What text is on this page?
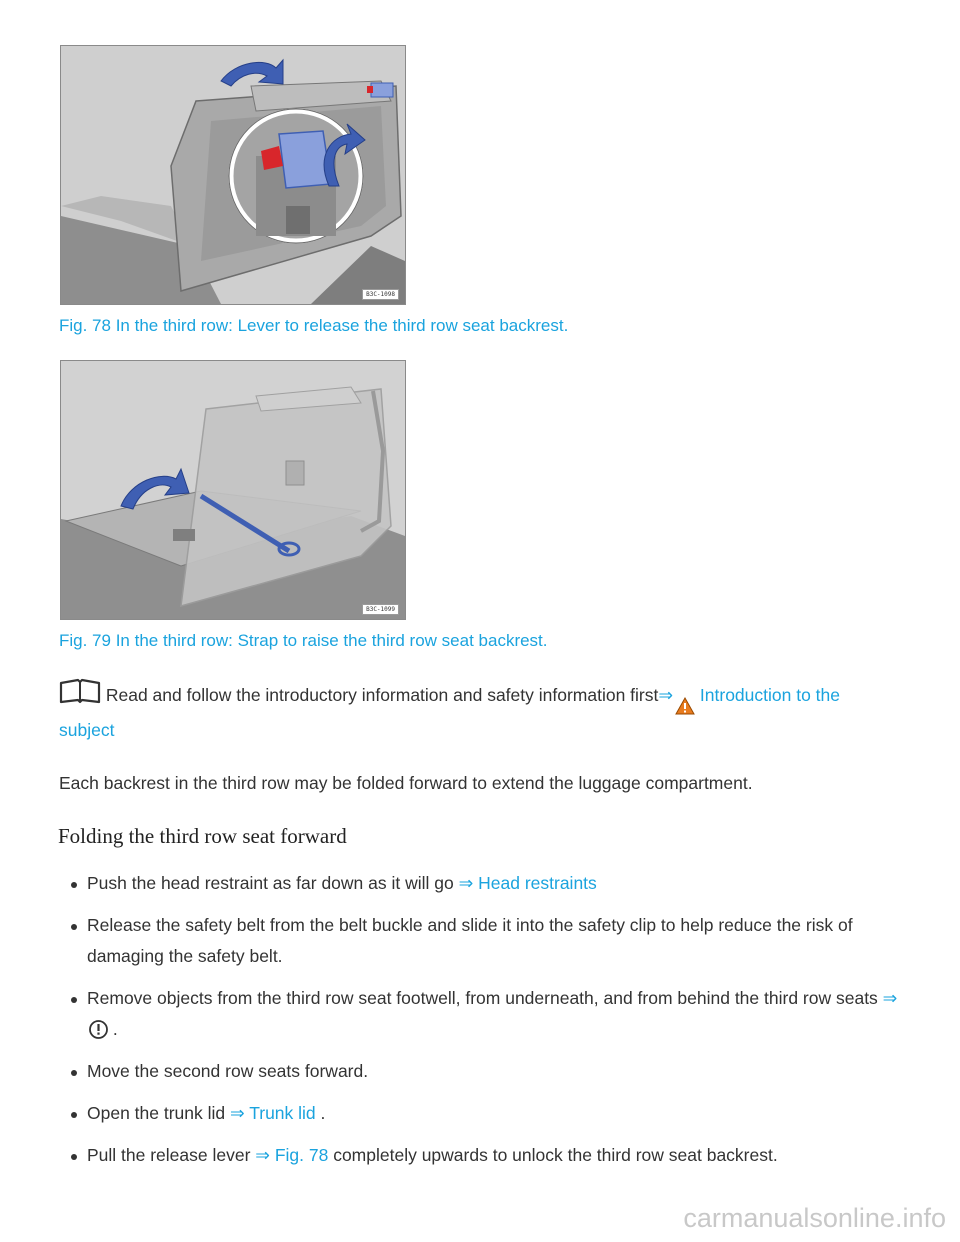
B3C-1098
Fig. 78 In the third row: Lever to release the third row seat backrest.
B3C-1099
Fig. 79 In the third row: Strap to raise the third row seat backrest.
Read and follow the introductory information and safety information first⇒ Introduction to the
subject
Each backrest in the third row may be folded forward to extend the luggage compartment.
Folding the third row seat forward
Push the head restraint as far down as it will go ⇒ Head restraints
Release the safety belt from the belt buckle and slide it into the safety clip to help reduce the risk of damaging the safety belt.
Remove objects from the third row seat footwell, from underneath, and from behind the third row seats ⇒ .
Move the second row seats forward.
Open the trunk lid ⇒ Trunk lid .
Pull the release lever ⇒ Fig. 78 completely upwards to unlock the third row seat backrest.
carmanualsonline.info
